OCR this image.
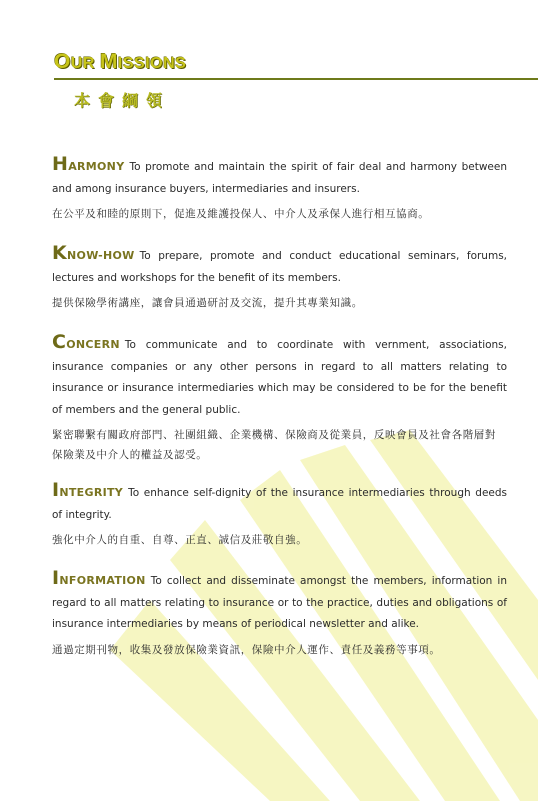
OUR MISSIONS
本會綱領

HARMONY To promote and maintain the spirit of fair deal and harmony between and among insurance buyers, intermediaries and insurers.

在公平及和睦的原則下，促進及維護投保人、中介人及承保人進行相互協商。

KNOW-HOW To prepare, promote and conduct educational seminars, forums, lectures and workshops for the benefit of its members.

提供保險學術講座，讓會員通過研討及交流，提升其專業知識。

CONCERN To communicate and to coordinate with vernment, associations, insurance companies or any other persons in regard to all matters relating to insurance or insurance intermediaries which may be considered to be for the benefit of members and the general public.

緊密聯繫有關政府部門、社團組織、企業機構、保險商及從業員，反映會員及社會各階層對保險業及中介人的權益及認受。

INTEGRITY To enhance self-dignity of the insurance intermediaries through deeds of integrity.

強化中介人的自重、自尊、正直、誠信及莊敬自強。

INFORMATION To collect and disseminate amongst the members, information in regard to all matters relating to insurance or to the practice, duties and obligations of insurance intermediaries by means of periodical newsletter and alike.

通過定期刊物，收集及發放保險業資訊，保險中介人運作、責任及義務等事項。
